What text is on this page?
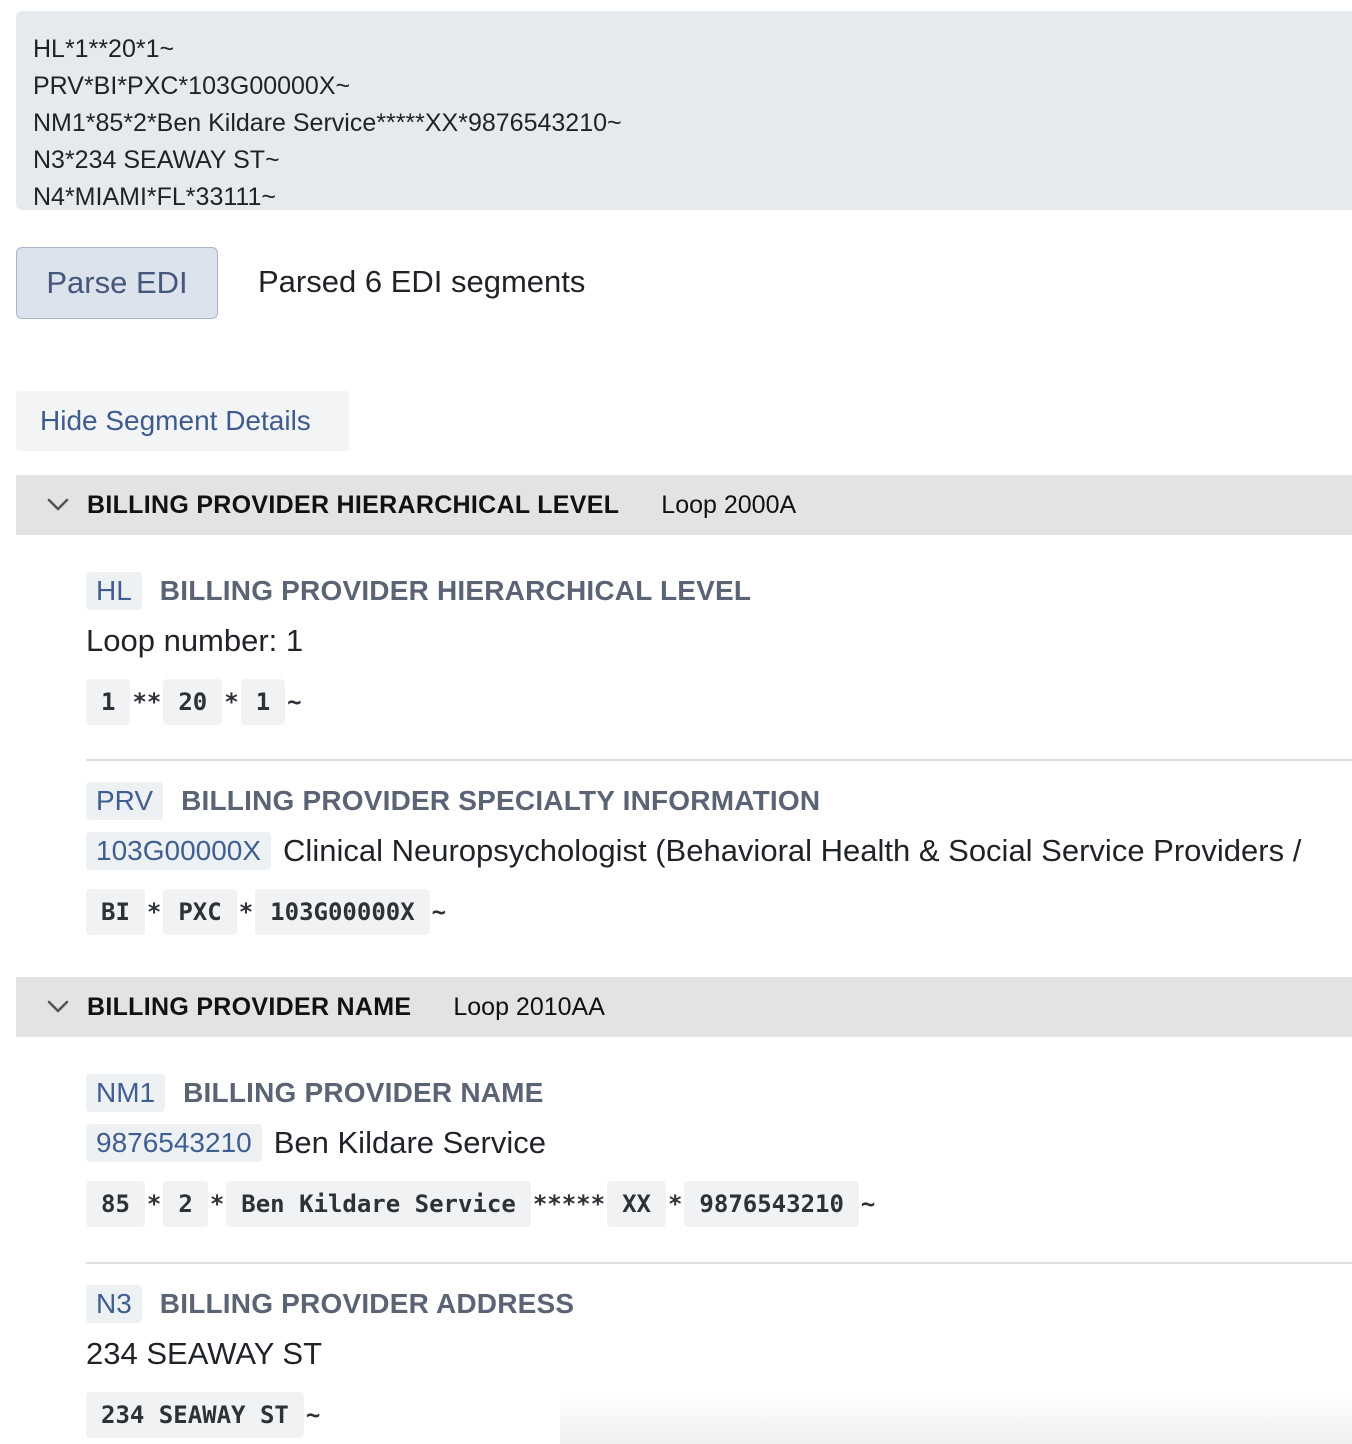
HL*1**20*1~
PRV*BI*PXC*103G00000X~
NM1*85*2*Ben Kildare Service*****XX*9876543210~
N3*234 SEAWAY ST~
N4*MIAMI*FL*33111~
Parse EDI	Parsed 6 EDI segments
Hide Segment Details
BILLING PROVIDER HIERARCHICAL LEVEL Loop 2000A
HL	BILLING PROVIDER HIERARCHICAL LEVEL
Loop number: 1
1 ** 20 * 1 ~
PRV	BILLING PROVIDER SPECIALTY INFORMATION
103G00000X Clinical Neuropsychologist (Behavioral Health & Social Service Providers /
BI * PXC * 103G00000X ~
BILLING PROVIDER NAME Loop 2010AA
NM1	BILLING PROVIDER NAME
9876543210 Ben Kildare Service
85 * 2 * Ben Kildare Service ***** XX * 9876543210 ~
N3	BILLING PROVIDER ADDRESS
234 SEAWAY ST
234 SEAWAY ST ~
